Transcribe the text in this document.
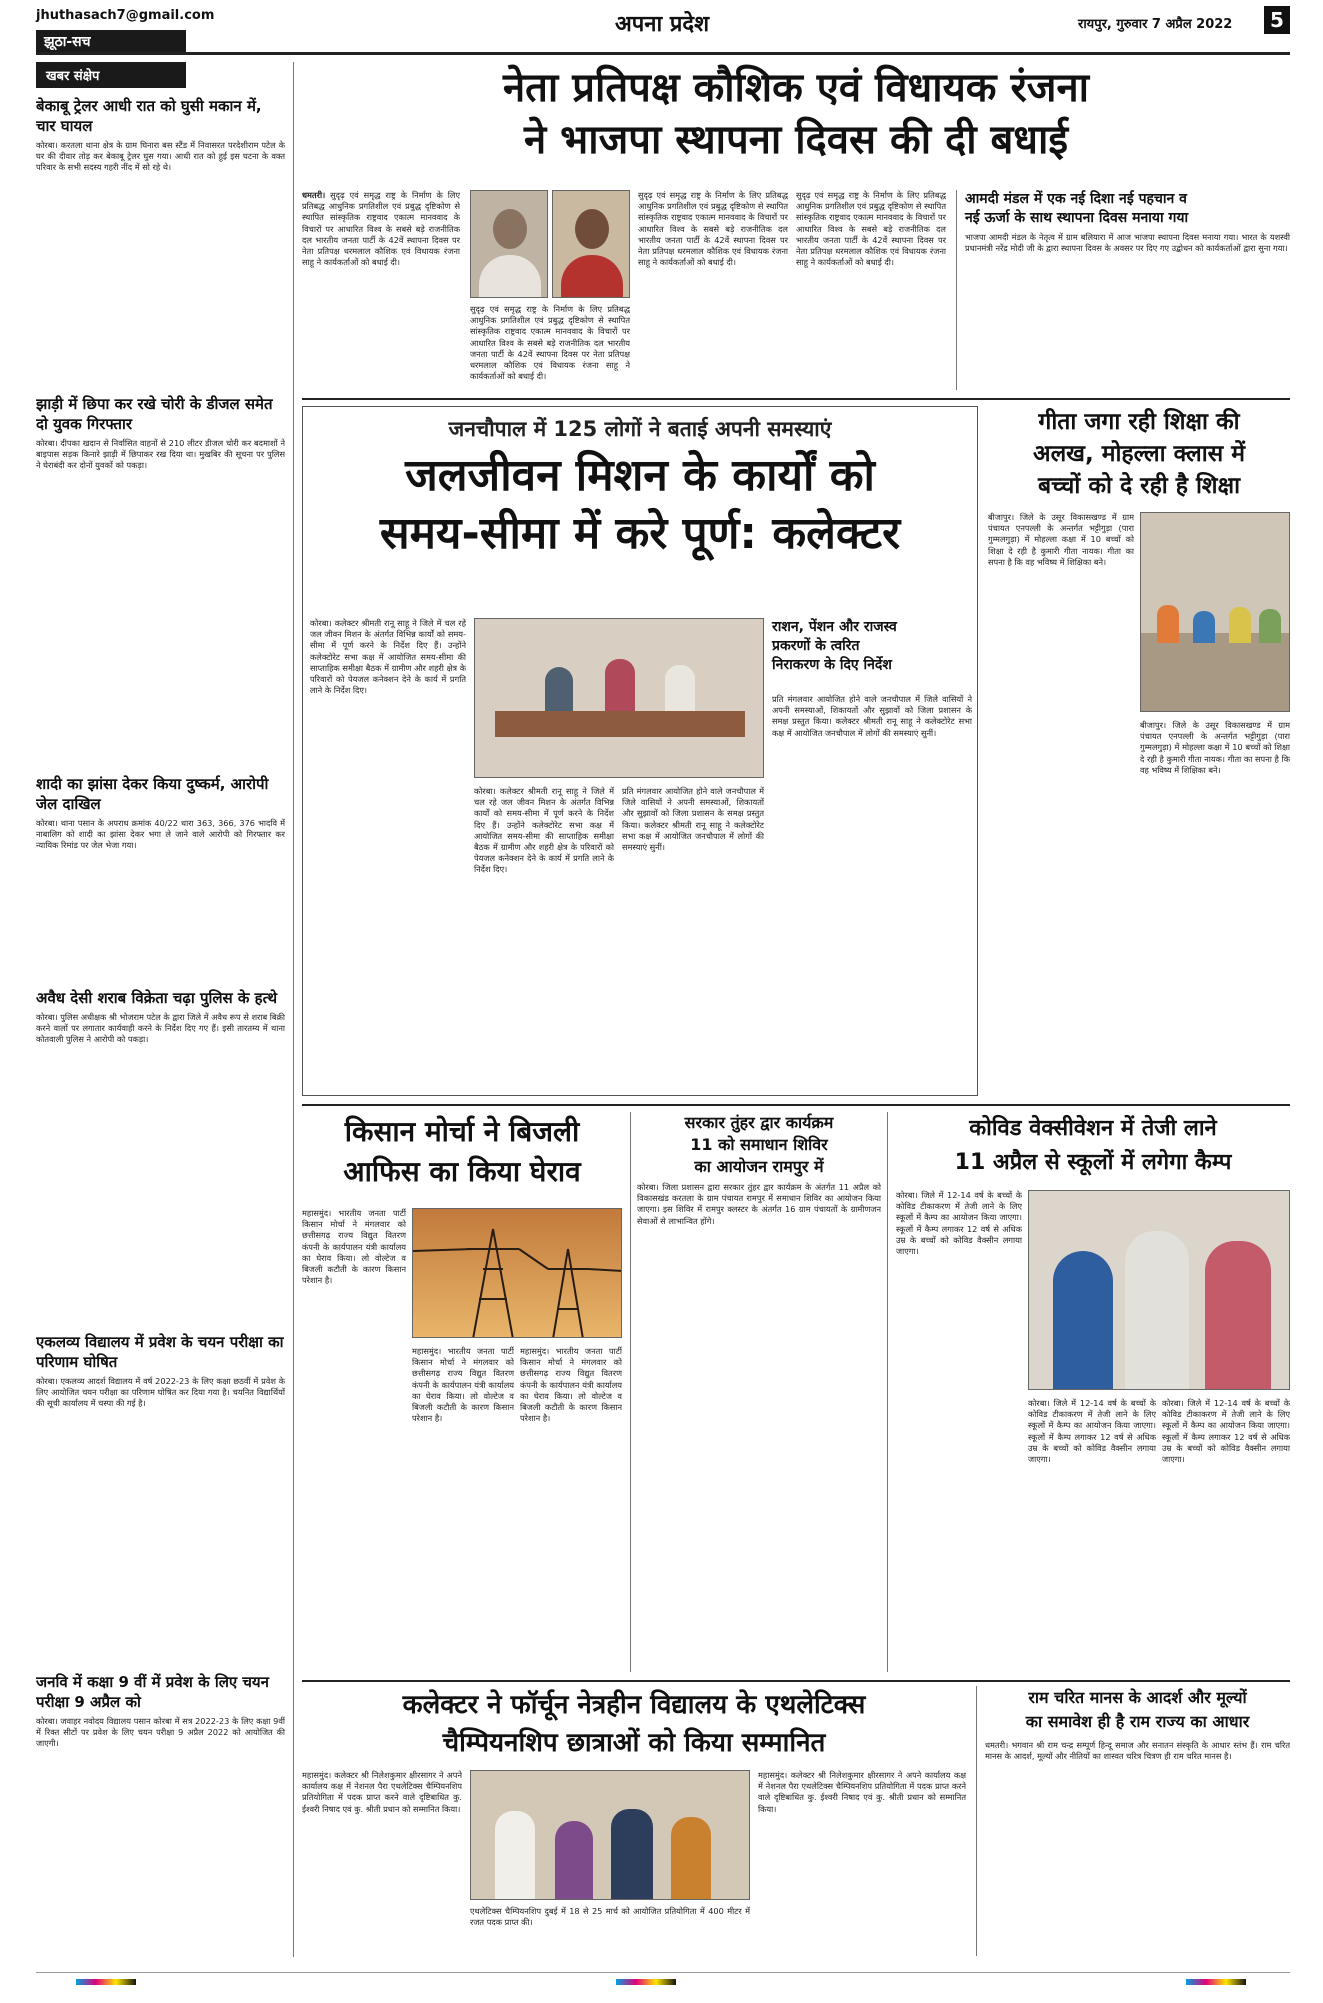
jhuthasach7@gmail.com
झूठा-सच
अपना प्रदेश	रायपुर, गुरुवार 7 अप्रैल 2022	5
खबर संक्षेप
बेकाबू ट्रेलर आधी रात को घुसी मकान में, चार घायल
कोरबा। करतला थाना क्षेत्र के ग्राम घिनारा बस स्टैंड में निवासरत परदेशीराम पटेल के घर की दीवार तोड़ कर बेकाबू ट्रेलर घुस गया। आधी रात को हुई इस घटना के वक्त परिवार के सभी सदस्य गहरी नींद में सो रहे थे।
झाड़ी में छिपा कर रखे चोरी के डीजल समेत दो युवक गिरफ्तार
कोरबा। दीपका खदान से निर्वासित वाहनों से 210 लीटर डीजल चोरी कर बदमाशों ने बाइपास सड़क किनारे झाड़ी में छिपाकर रख दिया था। मुखबिर की सूचना पर पुलिस ने घेराबंदी कर दोनों युवकों को पकड़ा।
शादी का झांसा देकर किया दुष्कर्म, आरोपी जेल दाखिल
कोरबा। थाना पसान के अपराध क्रमांक 40/22 धारा 363, 366, 376 भादवि में नाबालिग को शादी का झांसा देकर भगा ले जाने वाले आरोपी को गिरफ्तार कर न्यायिक रिमांड पर जेल भेजा गया।
अवैध देसी शराब विक्रेता चढ़ा पुलिस के हत्थे
कोरबा। पुलिस अधीक्षक श्री भोजराम पटेल के द्वारा जिले में अवैध रूप से शराब बिक्री करने वालों पर लगातार कार्यवाही करने के निर्देश दिए गए हैं। इसी तारतम्य में थाना कोतवाली पुलिस ने आरोपी को पकड़ा।
एकलव्य विद्यालय में प्रवेश के चयन परीक्षा का परिणाम घोषित
कोरबा। एकलव्य आदर्श विद्यालय में वर्ष 2022-23 के लिए कक्षा छठवीं में प्रवेश के लिए आयोजित चयन परीक्षा का परिणाम घोषित कर दिया गया है। चयनित विद्यार्थियों की सूची कार्यालय में चस्पा की गई है।
जनवि में कक्षा 9 वीं में प्रवेश के लिए चयन परीक्षा 9 अप्रैल को
कोरबा। जवाहर नवोदय विद्यालय पसान कोरबा में सत्र 2022-23 के लिए कक्षा 9वीं में रिक्त सीटों पर प्रवेश के लिए चयन परीक्षा 9 अप्रैल 2022 को आयोजित की जाएगी।
नेता प्रतिपक्ष कौशिक एवं विधायक रंजना
ने भाजपा स्थापना दिवस की दी बधाई
धमतरी। सुदृढ़ एवं समृद्ध राष्ट्र के निर्माण के लिए प्रतिबद्ध आधुनिक प्रगतिशील एवं प्रबुद्ध दृष्टिकोण से स्थापित सांस्कृतिक राष्ट्रवाद एकात्म मानववाद के विचारों पर आधारित विश्व के सबसे बड़े राजनीतिक दल भारतीय जनता पार्टी के 42वें स्थापना दिवस पर नेता प्रतिपक्ष धरमलाल कौशिक एवं विधायक रंजना साहू ने कार्यकर्ताओं को बधाई दी।
सुदृढ़ एवं समृद्ध राष्ट्र के निर्माण के लिए प्रतिबद्ध आधुनिक प्रगतिशील एवं प्रबुद्ध दृष्टिकोण से स्थापित सांस्कृतिक राष्ट्रवाद एकात्म मानववाद के विचारों पर आधारित विश्व के सबसे बड़े राजनीतिक दल भारतीय जनता पार्टी के 42वें स्थापना दिवस पर नेता प्रतिपक्ष धरमलाल कौशिक एवं विधायक रंजना साहू ने कार्यकर्ताओं को बधाई दी।
सुदृढ़ एवं समृद्ध राष्ट्र के निर्माण के लिए प्रतिबद्ध आधुनिक प्रगतिशील एवं प्रबुद्ध दृष्टिकोण से स्थापित सांस्कृतिक राष्ट्रवाद एकात्म मानववाद के विचारों पर आधारित विश्व के सबसे बड़े राजनीतिक दल भारतीय जनता पार्टी के 42वें स्थापना दिवस पर नेता प्रतिपक्ष धरमलाल कौशिक एवं विधायक रंजना साहू ने कार्यकर्ताओं को बधाई दी।
सुदृढ़ एवं समृद्ध राष्ट्र के निर्माण के लिए प्रतिबद्ध आधुनिक प्रगतिशील एवं प्रबुद्ध दृष्टिकोण से स्थापित सांस्कृतिक राष्ट्रवाद एकात्म मानववाद के विचारों पर आधारित विश्व के सबसे बड़े राजनीतिक दल भारतीय जनता पार्टी के 42वें स्थापना दिवस पर नेता प्रतिपक्ष धरमलाल कौशिक एवं विधायक रंजना साहू ने कार्यकर्ताओं को बधाई दी।
आमदी मंडल में एक नई दिशा नई पहचान व
नई ऊर्जा के साथ स्थापना दिवस मनाया गया
भाजपा आमदी मंडल के नेतृत्व में ग्राम बलियारा में आज भाजपा स्थापना दिवस मनाया गया। भारत के यशस्वी प्रधानमंत्री नरेंद्र मोदी जी के द्वारा स्थापना दिवस के अवसर पर दिए गए उद्बोधन को कार्यकर्ताओं द्वारा सुना गया।
जनचौपाल में 125 लोगों ने बताई अपनी समस्याएं
जलजीवन मिशन के कार्यों को
समय-सीमा में करे पूर्ण: कलेक्टर
कोरबा। कलेक्टर श्रीमती रानू साहू ने जिले में चल रहे जल जीवन मिशन के अंतर्गत विभिन्न कार्यों को समय-सीमा में पूर्ण करने के निर्देश दिए हैं। उन्होंने कलेक्टोरेट सभा कक्ष में आयोजित समय-सीमा की साप्ताहिक समीक्षा बैठक में ग्रामीण और शहरी क्षेत्र के परिवारों को पेयजल कनेक्शन देने के कार्य में प्रगति लाने के निर्देश दिए।
राशन, पेंशन और राजस्व
प्रकरणों के त्वरित
निराकरण के दिए निर्देश
प्रति मंगलवार आयोजित होने वाले जनचौपाल में जिले वासियों ने अपनी समस्याओं, शिकायतों और सुझावों को जिला प्रशासन के समक्ष प्रस्तुत किया। कलेक्टर श्रीमती रानू साहू ने कलेक्टोरेट सभा कक्ष में आयोजित जनचौपाल में लोगों की समस्याएं सुनीं।
कोरबा। कलेक्टर श्रीमती रानू साहू ने जिले में चल रहे जल जीवन मिशन के अंतर्गत विभिन्न कार्यों को समय-सीमा में पूर्ण करने के निर्देश दिए हैं। उन्होंने कलेक्टोरेट सभा कक्ष में आयोजित समय-सीमा की साप्ताहिक समीक्षा बैठक में ग्रामीण और शहरी क्षेत्र के परिवारों को पेयजल कनेक्शन देने के कार्य में प्रगति लाने के निर्देश दिए।
प्रति मंगलवार आयोजित होने वाले जनचौपाल में जिले वासियों ने अपनी समस्याओं, शिकायतों और सुझावों को जिला प्रशासन के समक्ष प्रस्तुत किया। कलेक्टर श्रीमती रानू साहू ने कलेक्टोरेट सभा कक्ष में आयोजित जनचौपाल में लोगों की समस्याएं सुनीं।
गीता जगा रही शिक्षा की
अलख, मोहल्ला क्लास में
बच्चों को दे रही है शिक्षा
बीजापुर। जिले के उसूर विकासखण्ड में ग्राम पंचायत एनपल्ली के अन्तर्गत भट्टीगुड़ा (पारा गुम्मलगुड़ा) में मोहल्ला कक्षा में 10 बच्चों को शिक्षा दे रही है कुमारी गीता नायक। गीता का सपना है कि वह भविष्य में शिक्षिका बने।
बीजापुर। जिले के उसूर विकासखण्ड में ग्राम पंचायत एनपल्ली के अन्तर्गत भट्टीगुड़ा (पारा गुम्मलगुड़ा) में मोहल्ला कक्षा में 10 बच्चों को शिक्षा दे रही है कुमारी गीता नायक। गीता का सपना है कि वह भविष्य में शिक्षिका बने।
किसान मोर्चा ने बिजली
आफिस का किया घेराव
महासमुंद। भारतीय जनता पार्टी किसान मोर्चा ने मंगलवार को छत्तीसगढ़ राज्य विद्युत वितरण कंपनी के कार्यपालन यंत्री कार्यालय का घेराव किया। लो वोल्टेज व बिजली कटौती के कारण किसान परेशान है।
महासमुंद। भारतीय जनता पार्टी किसान मोर्चा ने मंगलवार को छत्तीसगढ़ राज्य विद्युत वितरण कंपनी के कार्यपालन यंत्री कार्यालय का घेराव किया। लो वोल्टेज व बिजली कटौती के कारण किसान परेशान है।
महासमुंद। भारतीय जनता पार्टी किसान मोर्चा ने मंगलवार को छत्तीसगढ़ राज्य विद्युत वितरण कंपनी के कार्यपालन यंत्री कार्यालय का घेराव किया। लो वोल्टेज व बिजली कटौती के कारण किसान परेशान है।
सरकार तुंहर द्वार कार्यक्रम
11 को समाधान शिविर
का आयोजन रामपुर में
कोरबा। जिला प्रशासन द्वारा सरकार तुंहर द्वार कार्यक्रम के अंतर्गत 11 अप्रैल को विकासखंड करतला के ग्राम पंचायत रामपुर में समाधान शिविर का आयोजन किया जाएगा। इस शिविर में रामपुर क्लस्टर के अंतर्गत 16 ग्राम पंचायतों के ग्रामीणजन सेवाओं से लाभान्वित होंगे।
कोविड वेक्सीवेशन में तेजी लाने
11 अप्रैल से स्कूलों में लगेगा कैम्प
कोरबा। जिले में 12-14 वर्ष के बच्चों के कोविड टीकाकरण में तेजी लाने के लिए स्कूलों में कैम्प का आयोजन किया जाएगा। स्कूलों में कैम्प लगाकर 12 वर्ष से अधिक उम्र के बच्चों को कोविड वैक्सीन लगाया जाएगा।
कोरबा। जिले में 12-14 वर्ष के बच्चों के कोविड टीकाकरण में तेजी लाने के लिए स्कूलों में कैम्प का आयोजन किया जाएगा। स्कूलों में कैम्प लगाकर 12 वर्ष से अधिक उम्र के बच्चों को कोविड वैक्सीन लगाया जाएगा।
कोरबा। जिले में 12-14 वर्ष के बच्चों के कोविड टीकाकरण में तेजी लाने के लिए स्कूलों में कैम्प का आयोजन किया जाएगा। स्कूलों में कैम्प लगाकर 12 वर्ष से अधिक उम्र के बच्चों को कोविड वैक्सीन लगाया जाएगा।
कलेक्टर ने फॉर्चून नेत्रहीन विद्यालय के एथलेटिक्स
चैम्पियनशिप छात्राओं को किया सम्मानित
महासमुंद। कलेक्टर श्री निलेशकुमार क्षीरसागर ने अपने कार्यालय कक्ष में नेशनल पैरा एथलेटिक्स चैम्पियनशिप प्रतियोगिता में पदक प्राप्त करने वाले दृष्टिबाधित कु. ईश्वरी निषाद एवं कु. श्रीती प्रधान को सम्मानित किया।
एथलेटिक्स चैम्पियनशिप दुबई में 18 से 25 मार्च को आयोजित प्रतियोगिता में 400 मीटर में रजत पदक प्राप्त की।
महासमुंद। कलेक्टर श्री निलेशकुमार क्षीरसागर ने अपने कार्यालय कक्ष में नेशनल पैरा एथलेटिक्स चैम्पियनशिप प्रतियोगिता में पदक प्राप्त करने वाले दृष्टिबाधित कु. ईश्वरी निषाद एवं कु. श्रीती प्रधान को सम्मानित किया।
राम चरित मानस के आदर्श और मूल्यों
का समावेश ही है राम राज्य का आधार
धमतरी। भगवान श्री राम चन्द्र सम्पूर्ण हिन्दू समाज और सनातन संस्कृति के आधार स्तंभ हैं। राम चरित मानस के आदर्श, मूल्यों और नीतियों का शास्वत चरित्र चित्रण ही राम चरित मानस है।
